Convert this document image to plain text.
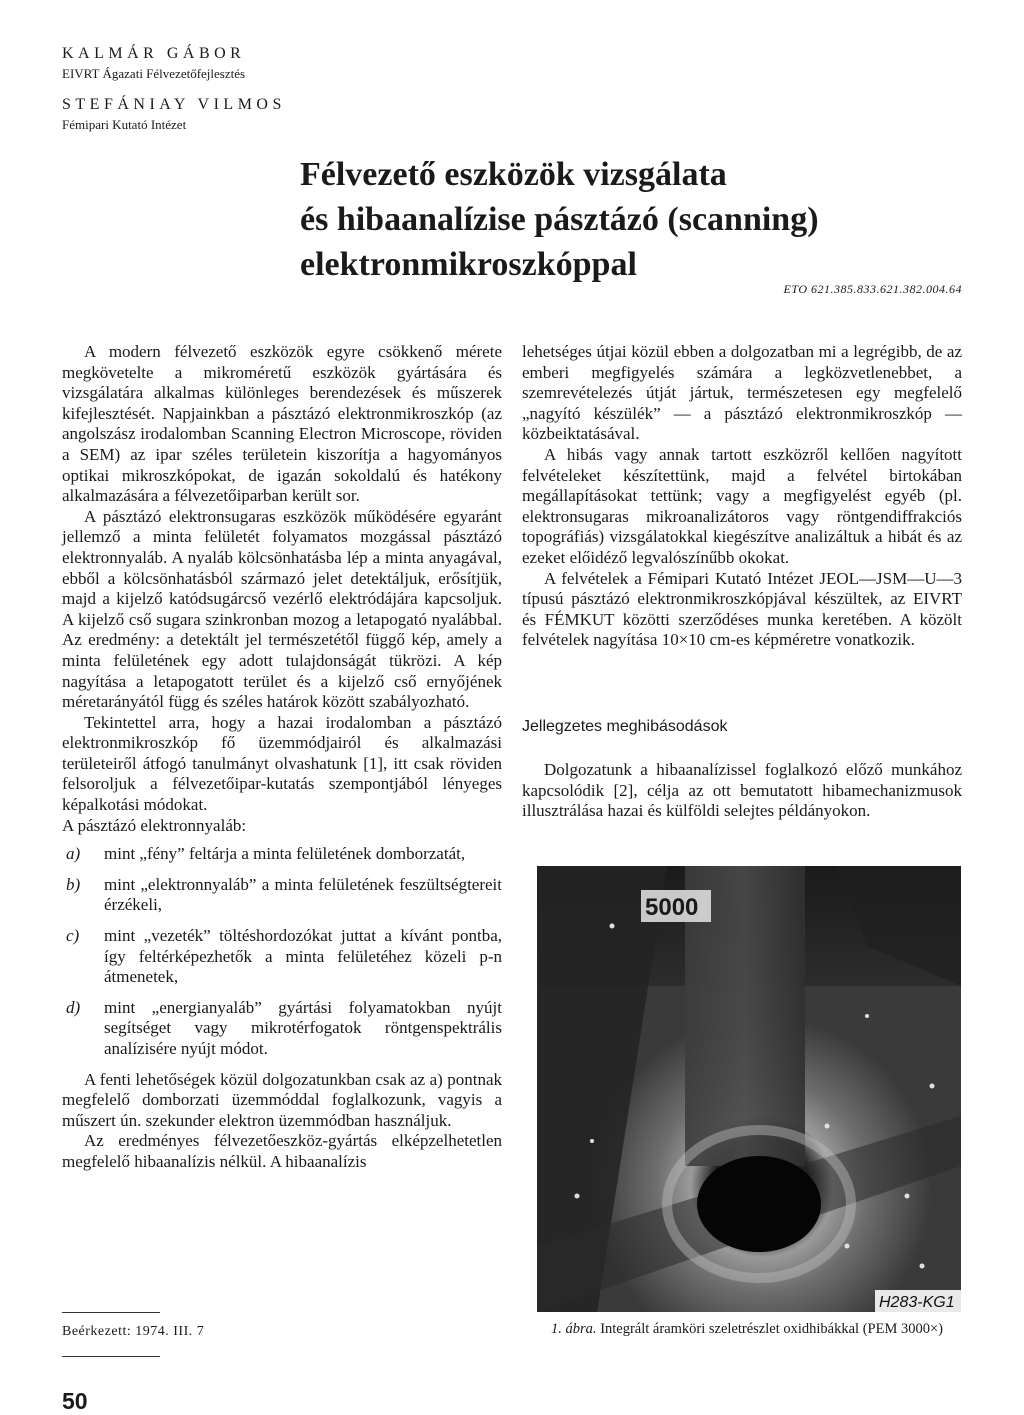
KALMÁR GÁBOR
EIVRT Ágazati Félvezetőfejlesztés
STEFÁNIAY VILMOS
Fémipari Kutató Intézet
Félvezető eszközök vizsgálata
és hibaanalízise pásztázó (scanning)
elektronmikroszkóppal
ETO 621.385.833.621.382.004.64

A modern félvezető eszközök egyre csökkenő mérete megkövetelte a mikroméretű eszközök gyártására és vizsgálatára alkalmas különleges berendezések és műszerek kifejlesztését. Napjainkban a pásztázó elektronmikroszkóp (az angolszász irodalomban Scanning Electron Microscope, röviden a SEM) az ipar széles területein kiszorítja a hagyományos optikai mikroszkópokat, de igazán sokoldalú és hatékony alkalmazására a félvezetőiparban került sor.

A pásztázó elektronsugaras eszközök működésére egyaránt jellemző a minta felületét folyamatos mozgással pásztázó elektronnyaláb. A nyaláb kölcsönhatásba lép a minta anyagával, ebből a kölcsönhatásból származó jelet detektáljuk, erősítjük, majd a kijelző katódsugárcső vezérlő elektródájára kapcsoljuk. A kijelző cső sugara szinkronban mozog a letapogató nyalábbal. Az eredmény: a detektált jel természetétől függő kép, amely a minta felületének egy adott tulajdonságát tükrözi. A kép nagyítása a letapogatott terület és a kijelző cső ernyőjének méretarányától függ és széles határok között szabályozható.

Tekintettel arra, hogy a hazai irodalomban a pásztázó elektronmikroszkóp fő üzemmódjairól és alkalmazási területeiről átfogó tanulmányt olvashatunk [1], itt csak röviden felsoroljuk a félvezetőipar-kutatás szempontjából lényeges képalkotási módokat.

A pásztázó elektronnyaláb:

a)	mint „fény” feltárja a minta felületének domborzatát,
b)	mint „elektronnyaláb” a minta felületének feszültségtereit érzékeli,
c)	mint „vezeték” töltéshordozókat juttat a kívánt pontba, így feltérképezhetők a minta felületéhez közeli p-n átmenetek,
d)	mint „energianyaláb” gyártási folyamatokban nyújt segítséget vagy mikrotérfogatok röntgenspektrális analízisére nyújt módot.

A fenti lehetőségek közül dolgozatunkban csak az a) pontnak megfelelő domborzati üzemmóddal foglalkozunk, vagyis a műszert ún. szekunder elektron üzemmódban használjuk.

Az eredményes félvezetőeszköz-gyártás elképzelhetetlen megfelelő hibaanalízis nélkül. A hibaanalízis

lehetséges útjai közül ebben a dolgozatban mi a legrégibb, de az emberi megfigyelés számára a legközvetlenebbet, a szemrevételezés útját jártuk, természetesen egy megfelelő „nagyító készülék” — a pásztázó elektronmikroszkóp — közbeiktatásával.

A hibás vagy annak tartott eszközről kellően nagyított felvételeket készítettünk, majd a felvétel birtokában megállapításokat tettünk; vagy a megfigyelést egyéb (pl. elektronsugaras mikroanalizátoros vagy röntgendiffrakciós topográfiás) vizsgálatokkal kiegészítve analizáltuk a hibát és az ezeket előidéző legvalószínűbb okokat.

A felvételek a Fémipari Kutató Intézet JEOL—JSM—U—3 típusú pásztázó elektronmikroszkópjával készültek, az EIVRT és FÉMKUT közötti szerződéses munka keretében. A közölt felvételek nagyítása 10×10 cm-es képméretre vonatkozik.

Jellegzetes meghibásodások

Dolgozatunk a hibaanalízissel foglalkozó előző munkához kapcsolódik [2], célja az ott bemutatott hibamechanizmusok illusztrálása hazai és külföldi selejtes példányokon.

5000
H283-KG1
1. ábra. Integrált áramköri szeletrészlet oxidhibákkal (PEM 3000×)
Beérkezett: 1974. III. 7
50
